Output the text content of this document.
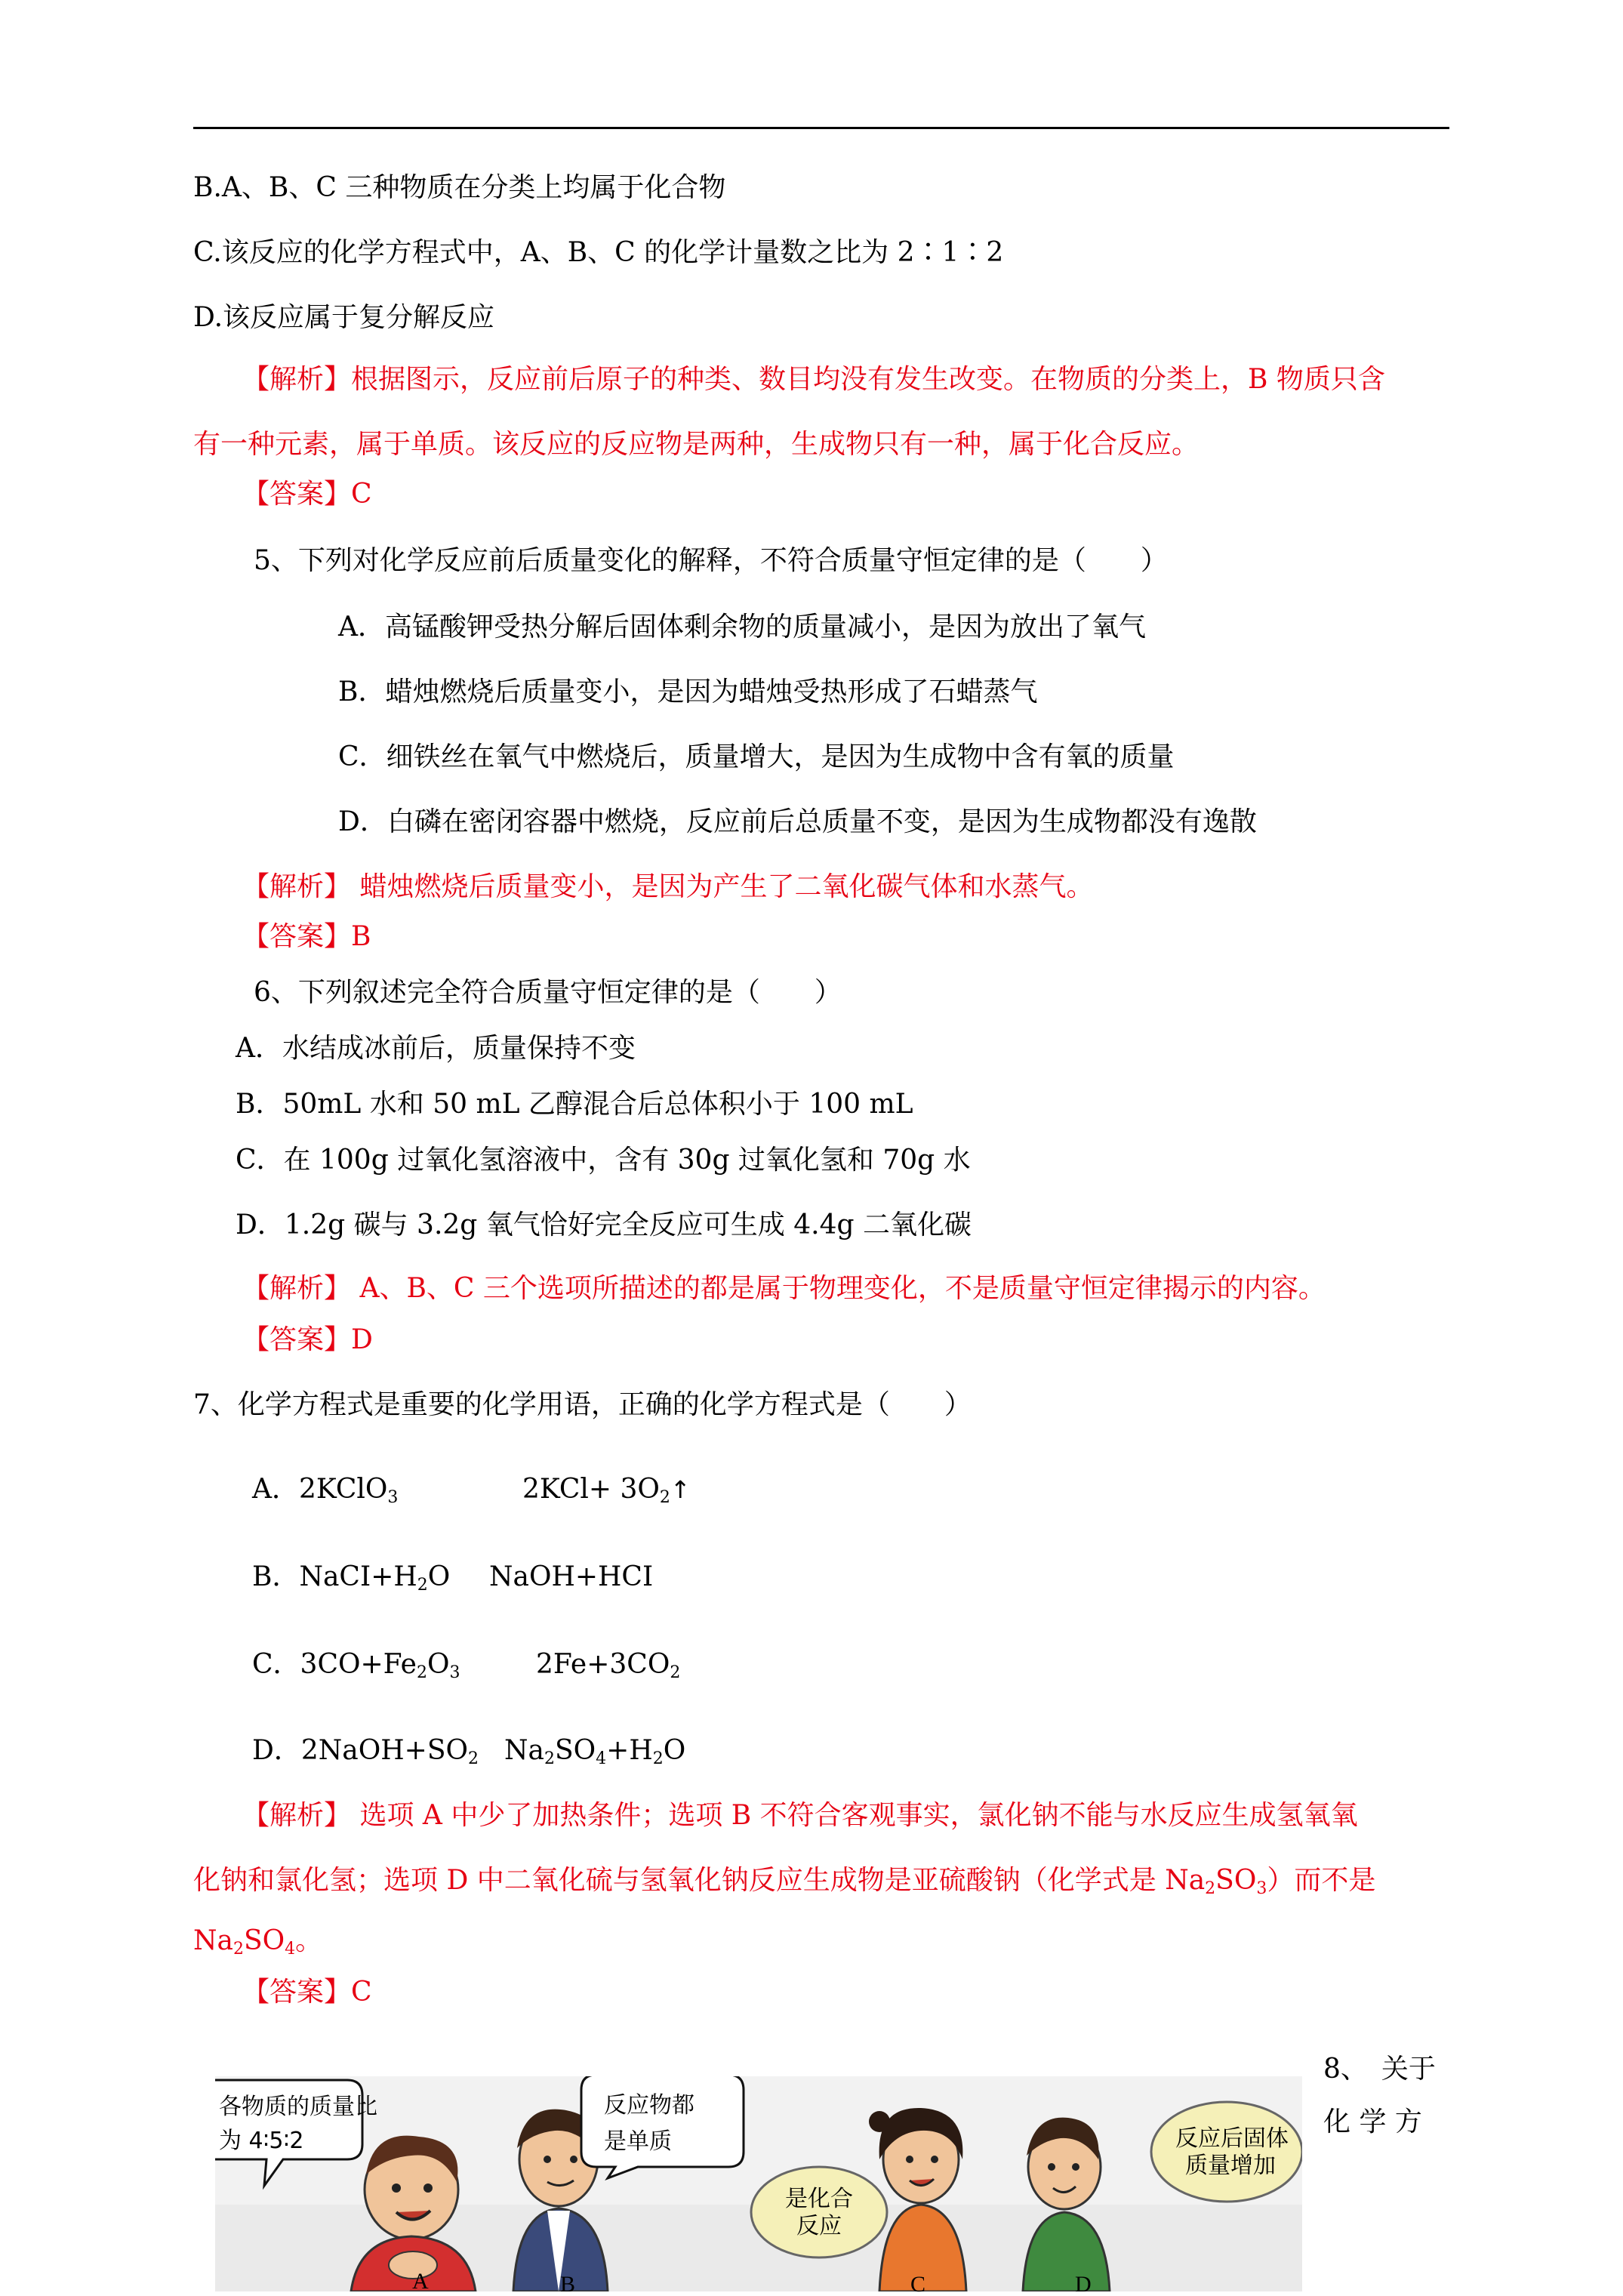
B.A、B、C 三种物质在分类上均属于化合物
C.该反应的化学方程式中，A、B、C 的化学计量数之比为 2∶1∶2
D.该反应属于复分解反应
【解析】根据图示，反应前后原子的种类、数目均没有发生改变。在物质的分类上，B 物质只含
有一种元素，属于单质。该反应的反应物是两种，生成物只有一种，属于化合反应。
【答案】C
5、下列对化学反应前后质量变化的解释，不符合质量守恒定律的是（　　）
A．高锰酸钾受热分解后固体剩余物的质量减小，是因为放出了氧气
B．蜡烛燃烧后质量变小，是因为蜡烛受热形成了石蜡蒸气
C．细铁丝在氧气中燃烧后，质量增大，是因为生成物中含有氧的质量
D．白磷在密闭容器中燃烧，反应前后总质量不变，是因为生成物都没有逸散
【解析】 蜡烛燃烧后质量变小，是因为产生了二氧化碳气体和水蒸气。
【答案】B
6、下列叙述完全符合质量守恒定律的是（　　）
A．水结成冰前后，质量保持不变
B．50mL 水和 50 mL 乙醇混合后总体积小于 100 mL
C．在 100g 过氧化氢溶液中，含有 30g 过氧化氢和 70g 水
D．1.2g 碳与 3.2g 氧气恰好完全反应可生成 4.4g 二氧化碳
【解析】 A、B、C 三个选项所描述的都是属于物理变化，不是质量守恒定律揭示的内容。
【答案】D
7、化学方程式是重要的化学用语，正确的化学方程式是（　　）
A．2KClO$_3$	$2KCl+ 3O_2↑$
B．$NaCI+H_2O$ NaOH+HCI
C．$3CO+Fe_2O_3$	$2Fe+3CO_2$
D．$2NaOH+SO_2$ $Na_2SO_4+H_2O$
【解析】 选项 A 中少了加热条件；选项 B 不符合客观事实，氯化钠不能与水反应生成氢氧氧
化钠和氯化氢；选项 D 中二氧化硫与氢氧化钠反应生成物是亚硫酸钠（化学式是 $Na_2SO_3$）而不是
$Na_2SO_4$。
【答案】C
8、　关于
化 学 方
各物质的质量比
为 4∶5∶2
反应物都
是单质
是化合
反应
反应后固体
质量增加
A	B	C	D
